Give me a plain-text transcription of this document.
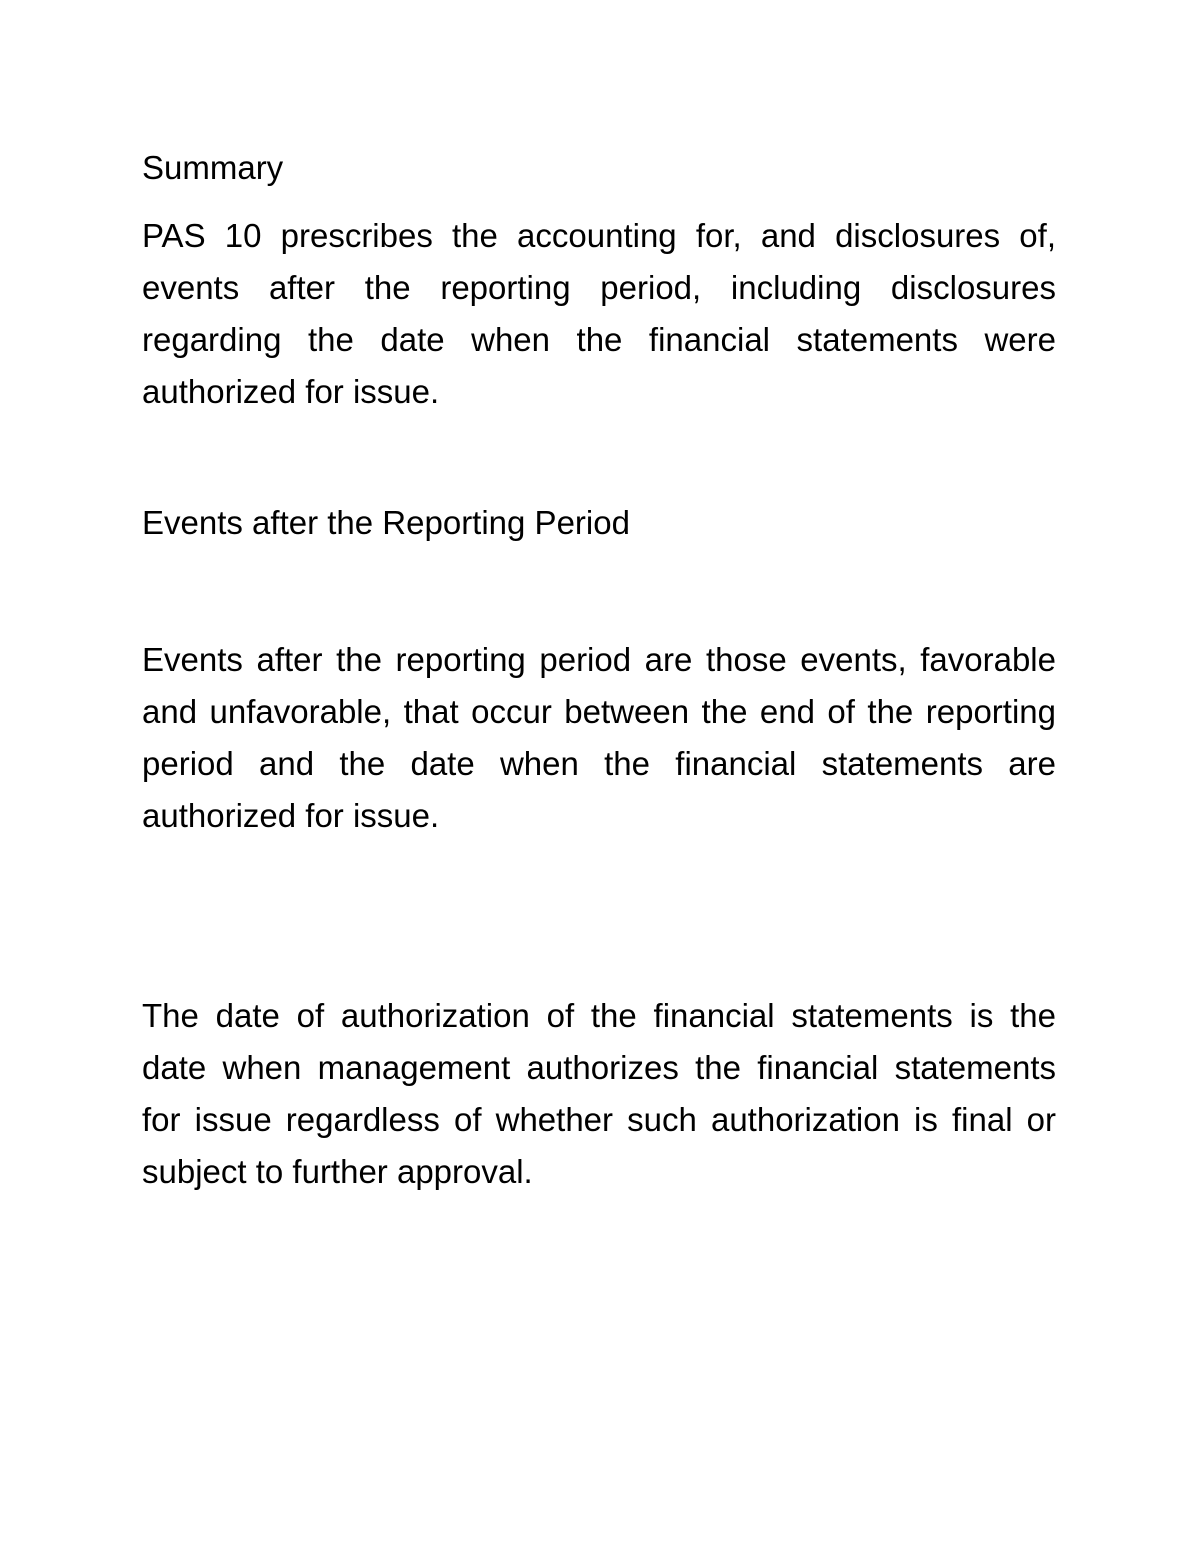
Summary

PAS 10 prescribes the accounting for, and disclosures of, events after the reporting period, including disclosures regarding the date when the financial statements were authorized for issue.

Events after the Reporting Period

Events after the reporting period are those events, favorable and unfavorable, that occur between the end of the reporting period and the date when the financial statements are authorized for issue.

The date of authorization of the financial statements is the date when management authorizes the financial statements for issue regardless of whether such authorization is final or subject to further approval.
